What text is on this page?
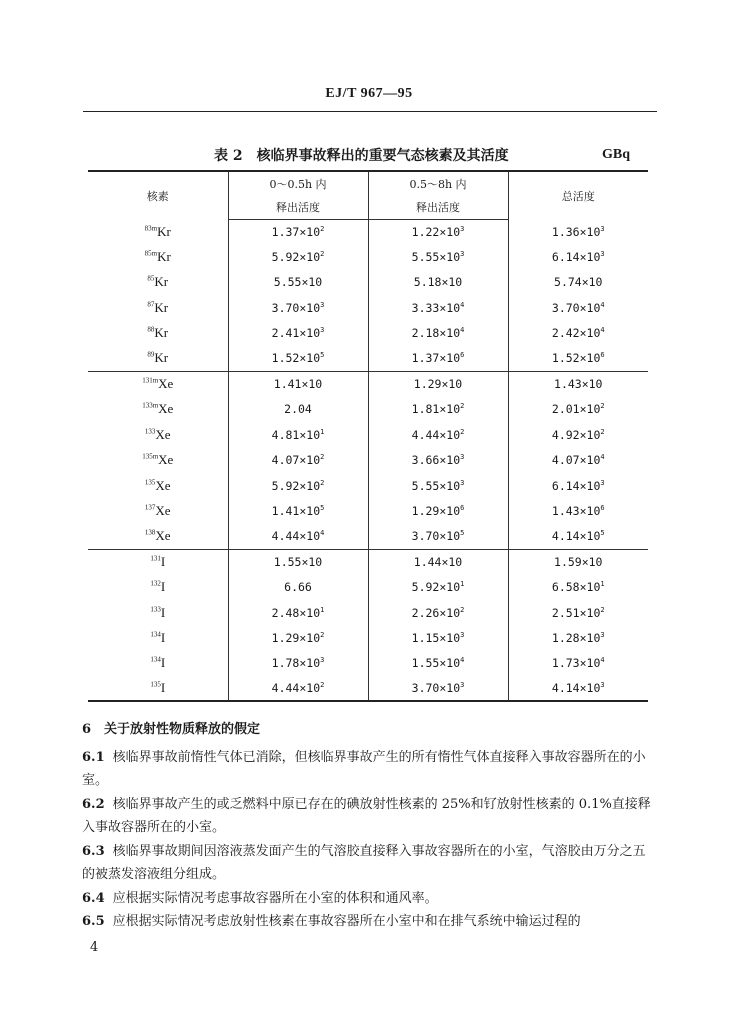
EJ/T 967—95
表 2　核临界事故释出的重要气态核素及其活度	GBq
核素	0～0.5h 内	0.5～8h 内	总活度
	释出活度	释出活度	
$^{83m}$Kr	$1.37\times 10^2$	$1.22\times 10^3$	$1.36\times 10^3$
$^{85m}$Kr	$5.92\times 10^2$	$5.55\times 10^3$	$6.14\times 10^3$
$^{85}$Kr	5.55×10	5.18×10	5.74×10
$^{87}$Kr	$3.70\times 10^3$	$3.33\times 10^4$	$3.70\times 10^4$
$^{88}$Kr	$2.41\times 10^3$	$2.18\times 10^4$	$2.42\times 10^4$
$^{89}$Kr	$1.52\times 10^5$	$1.37\times 10^6$	$1.52\times 10^6$
$^{131m}$Xe	1.41×10	1.29×10	1.43×10
$^{133m}$Xe	2.04	$1.81\times 10^2$	$2.01\times 10^2$
$^{133}$Xe	$4.81\times 10^1$	$4.44\times 10^2$	$4.92\times 10^2$
$^{135m}$Xe	$4.07\times 10^2$	$3.66\times 10^3$	$4.07\times 10^4$
$^{135}$Xe	$5.92\times 10^2$	$5.55\times 10^3$	$6.14\times 10^3$
$^{137}$Xe	$1.41\times 10^5$	$1.29\times 10^6$	$1.43\times 10^6$
$^{138}$Xe	$4.44\times 10^4$	$3.70\times 10^5$	$4.14\times 10^5$
$^{131}$I	1.55×10	1.44×10	1.59×10
$^{132}$I	6.66	$5.92\times 10^1$	$6.58\times 10^1$
$^{133}$I	$2.48\times 10^1$	$2.26\times 10^2$	$2.51\times 10^2$
$^{134}$I	$1.29\times 10^2$	$1.15\times 10^3$	$1.28\times 10^3$
$^{134}$I	$1.78\times 10^3$	$1.55\times 10^4$	$1.73\times 10^4$
$^{135}$I	$4.44\times 10^2$	$3.70\times 10^3$	$4.14\times 10^3$
6　关于放射性物质释放的假定

6.1 核临界事故前惰性气体已消除，但核临界事故产生的所有惰性气体直接释入事故容器所在的小室。

6.2 核临界事故产生的或乏燃料中原已存在的碘放射性核素的 25%和钌放射性核素的 0.1%直接释入事故容器所在的小室。

6.3 核临界事故期间因溶液蒸发面产生的气溶胶直接释入事故容器所在的小室，气溶胶由万分之五的被蒸发溶液组分组成。

6.4 应根据实际情况考虑事故容器所在小室的体积和通风率。

6.5 应根据实际情况考虑放射性核素在事故容器所在小室中和在排气系统中输运过程的

4
